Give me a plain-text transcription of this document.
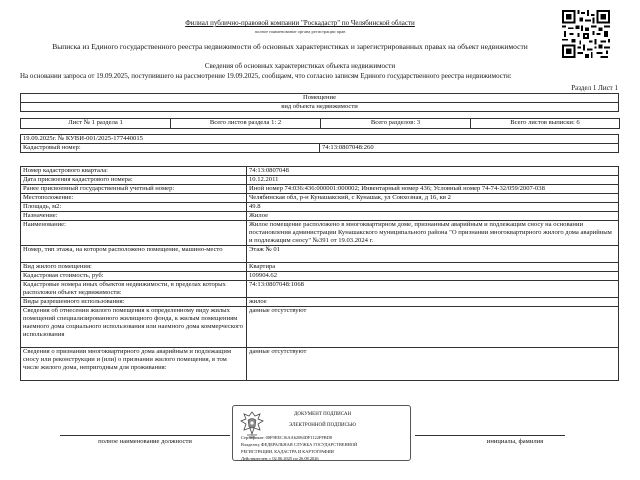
Филиал публично-правовой компании "Роскадастр" по Челябинской области
полное наименование органа регистрации прав
Выписка из Единого государственного реестра недвижимости об основных характеристиках и зарегистрированных правах на объект недвижимости
Сведения об основных характеристиках объекта недвижимости
На основании запроса от 19.09.2025, поступившего на рассмотрение 19.09.2025, сообщаем, что согласно записям Единого государственного реестра недвижимости:
Раздел 1 Лист 1
Помещение
вид объекта недвижимости
Лист № 1 раздела 1	Всего листов раздела 1: 2	Всего разделов: 3	Всего листов выписки: 6
19.09.2025г. № КУВИ-001/2025-177440015
Кадастровый номер:	74:13:0807048:260
Номер кадастрового квартала:	74:13:0807048
Дата присвоения кадастрового номера:	10.12.2011
Ранее присвоенный государственный учетный номер:	Иной номер 74:036:436:000001:000002; Инвентарный номер 436; Условный номер 74-74-32/059/2007-038
Местоположение:	Челябинская обл, р-н Кунашакский, с Кунашак, ул Совхозная, д 16, кв 2
Площадь, м2:	49.8
Назначение:	Жилое
Наименование:	Жилое помещение расположено в многоквартирном доме, признанным аварийным и подлежащим сносу на основании постановления администрации Кунашакского муниципального района "О признании многоквартирного жилого дома аварийным и подлежащим сносу" №391 от 19.03.2024 г.
Номер, тип этажа, на котором расположено помещение, машино-место	Этаж № 01
Вид жилого помещения:	Квартира
Кадастровая стоимость, руб:	109904.62
Кадастровые номера иных объектов недвижимости, в пределах которых расположен объект недвижимости:	74:13:0807048:1068
Виды разрешенного использования:	жилое
Сведения об отнесении жилого помещения к определенному виду жилых помещений специализированного жилищного фонда, к жилым помещениям наемного дома социального использования или наемного дома коммерческого использования	данные отсутствуют
Сведения о признании многоквартирного дома аварийным и подлежащим сносу или реконструкции и (или) о признании жилого помещения, в том числе жилого дома, непригодным для проживания:	данные отсутствуют
полное наименование должности	инициалы, фамилия
ДОКУМЕНТ ПОДПИСАН
ЭЛЕКТРОННОЙ ПОДПИСЬЮ
Сертификат: 00F9EEC16AA62084DF1122FFBD8
Владелец: ФЕДЕРАЛЬНАЯ СЛУЖБА ГОСУДАРСТВЕННОЙ
РЕГИСТРАЦИИ, КАДАСТРА И КАРТОГРАФИИ
Действителен: с 02.06.2025 по 26.08.2026
